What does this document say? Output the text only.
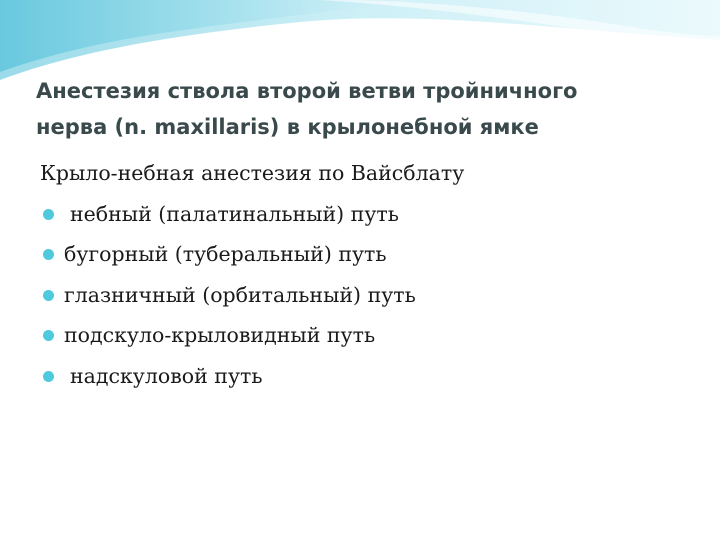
Анестезия ствола второй ветви тройничного
нерва (n. maxillaris) в крылонебной ямке
Крыло-небная анестезия по Вайсблату
небный (палатинальный) путь
бугорный (туберальный) путь
глазничный (орбитальный) путь
подскуло-крыловидный путь
надскуловой путь
